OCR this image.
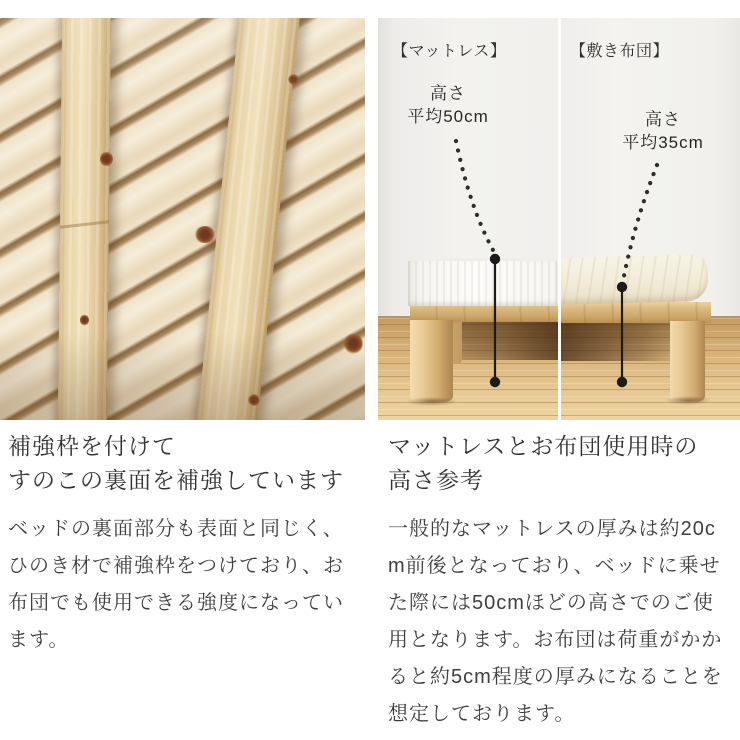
【マットレス】	【敷き布団】
高さ
平均50cm	高さ
平均35cm
補強枠を付けて
すのこの裏面を補強しています
ベッドの裏面部分も表面と同じく、
ひのき材で補強枠をつけており、お
布団でも使用できる強度になってい
ます。
マットレスとお布団使用時の
高さ参考
一般的なマットレスの厚みは約20c
m前後となっており、ベッドに乗せ
た際には50cmほどの高さでのご使
用となります。お布団は荷重がかか
ると約5cm程度の厚みになることを
想定しております。
